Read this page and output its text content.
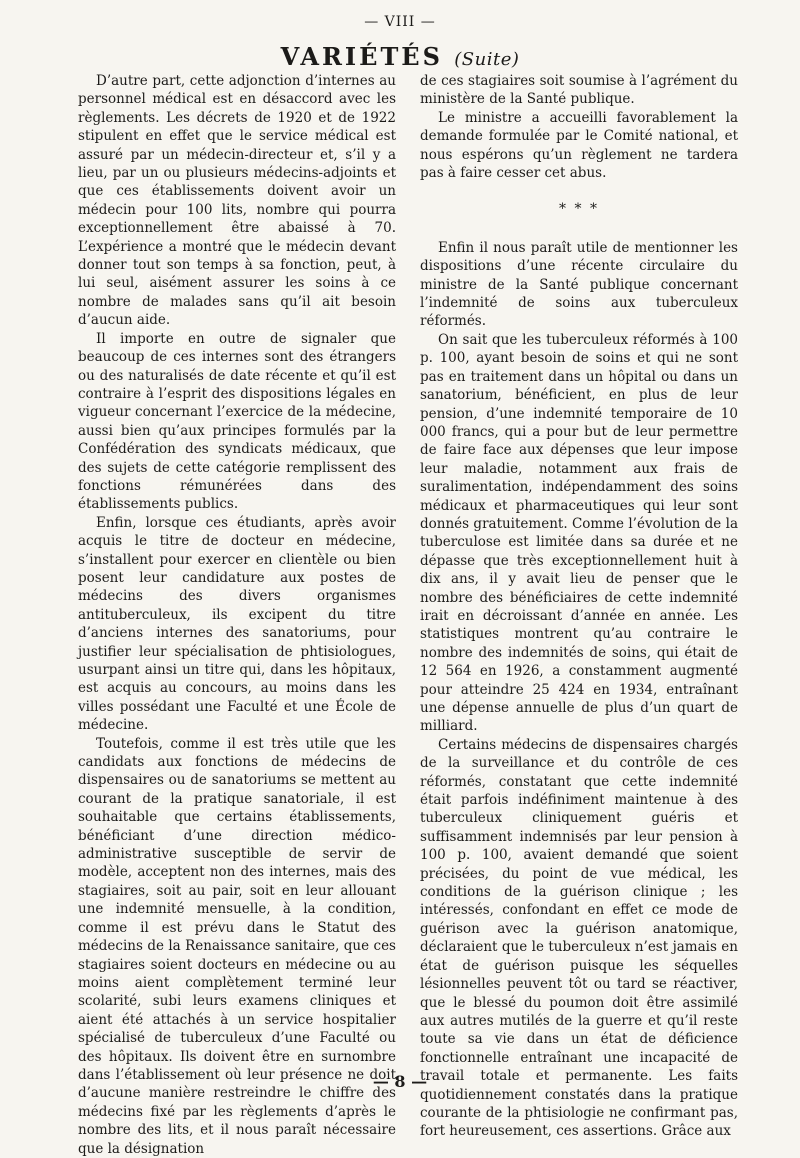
— VIII —
VARIÉTÉS (Suite)

D’autre part, cette adjonction d’internes au personnel médical est en désaccord avec les règlements. Les décrets de 1920 et de 1922 stipulent en effet que le service médical est assuré par un médecin-directeur et, s’il y a lieu, par un ou plusieurs médecins-adjoints et que ces établissements doivent avoir un médecin pour 100 lits, nombre qui pourra exceptionnellement être abaissé à 70. L’expérience a montré que le médecin devant donner tout son temps à sa fonction, peut, à lui seul, aisément assurer les soins à ce nombre de malades sans qu’il ait besoin d’aucun aide.

Il importe en outre de signaler que beaucoup de ces internes sont des étrangers ou des naturalisés de date récente et qu’il est contraire à l’esprit des dispositions légales en vigueur concernant l’exercice de la médecine, aussi bien qu’aux principes formulés par la Confédération des syndicats médicaux, que des sujets de cette catégorie remplissent des fonctions rémunérées dans des établissements publics.

Enfin, lorsque ces étudiants, après avoir acquis le titre de docteur en médecine, s’installent pour exercer en clientèle ou bien posent leur candidature aux postes de médecins des divers organismes antituberculeux, ils excipent du titre d’anciens internes des sanatoriums, pour justifier leur spécialisation de phtisiologues, usurpant ainsi un titre qui, dans les hôpitaux, est acquis au concours, au moins dans les villes possédant une Faculté et une École de médecine.

Toutefois, comme il est très utile que les candidats aux fonctions de médecins de dispensaires ou de sanatoriums se mettent au courant de la pratique sanatoriale, il est souhaitable que certains établissements, bénéficiant d’une direction médico-administrative susceptible de servir de modèle, acceptent non des internes, mais des stagiaires, soit au pair, soit en leur allouant une indemnité mensuelle, à la condition, comme il est prévu dans le Statut des médecins de la Renaissance sanitaire, que ces stagiaires soient docteurs en médecine ou au moins aient complètement terminé leur scolarité, subi leurs examens cliniques et aient été attachés à un service hospitalier spécialisé de tuberculeux d’une Faculté ou des hôpitaux. Ils doivent être en surnombre dans l’établissement où leur présence ne doit d’aucune manière restreindre le chiffre des médecins fixé par les règlements d’après le nombre des lits, et il nous paraît nécessaire que la désignation

de ces stagiaires soit soumise à l’agrément du ministère de la Santé publique.

Le ministre a accueilli favorablement la demande formulée par le Comité national, et nous espérons qu’un règlement ne tardera pas à faire cesser cet abus.

* * *

Enfin il nous paraît utile de mentionner les dispositions d’une récente circulaire du ministre de la Santé publique concernant l’indemnité de soins aux tuberculeux réformés.

On sait que les tuberculeux réformés à 100 p. 100, ayant besoin de soins et qui ne sont pas en traitement dans un hôpital ou dans un sanatorium, bénéficient, en plus de leur pension, d’une indemnité temporaire de 10 000 francs, qui a pour but de leur permettre de faire face aux dépenses que leur impose leur maladie, notamment aux frais de suralimentation, indépendamment des soins médicaux et pharmaceutiques qui leur sont donnés gratuitement. Comme l’évolution de la tuberculose est limitée dans sa durée et ne dépasse que très exceptionnellement huit à dix ans, il y avait lieu de penser que le nombre des bénéficiaires de cette indemnité irait en décroissant d’année en année. Les statistiques montrent qu’au contraire le nombre des indemnités de soins, qui était de 12 564 en 1926, a constamment augmenté pour atteindre 25 424 en 1934, entraînant une dépense annuelle de plus d’un quart de milliard.

Certains médecins de dispensaires chargés de la surveillance et du contrôle de ces réformés, constatant que cette indemnité était parfois indéfiniment maintenue à des tuberculeux cliniquement guéris et suffisamment indemnisés par leur pension à 100 p. 100, avaient demandé que soient précisées, du point de vue médical, les conditions de la guérison clinique ; les intéressés, confondant en effet ce mode de guérison avec la guérison anatomique, déclaraient que le tuberculeux n’est jamais en état de guérison puisque les séquelles lésionnelles peuvent tôt ou tard se réactiver, que le blessé du poumon doit être assimilé aux autres mutilés de la guerre et qu’il reste toute sa vie dans un état de déficience fonctionnelle entraînant une incapacité de travail totale et permanente. Les faits quotidiennement constatés dans la pratique courante de la phtisiologie ne confirmant pas, fort heureusement, ces assertions. Grâce aux

— 8 —
